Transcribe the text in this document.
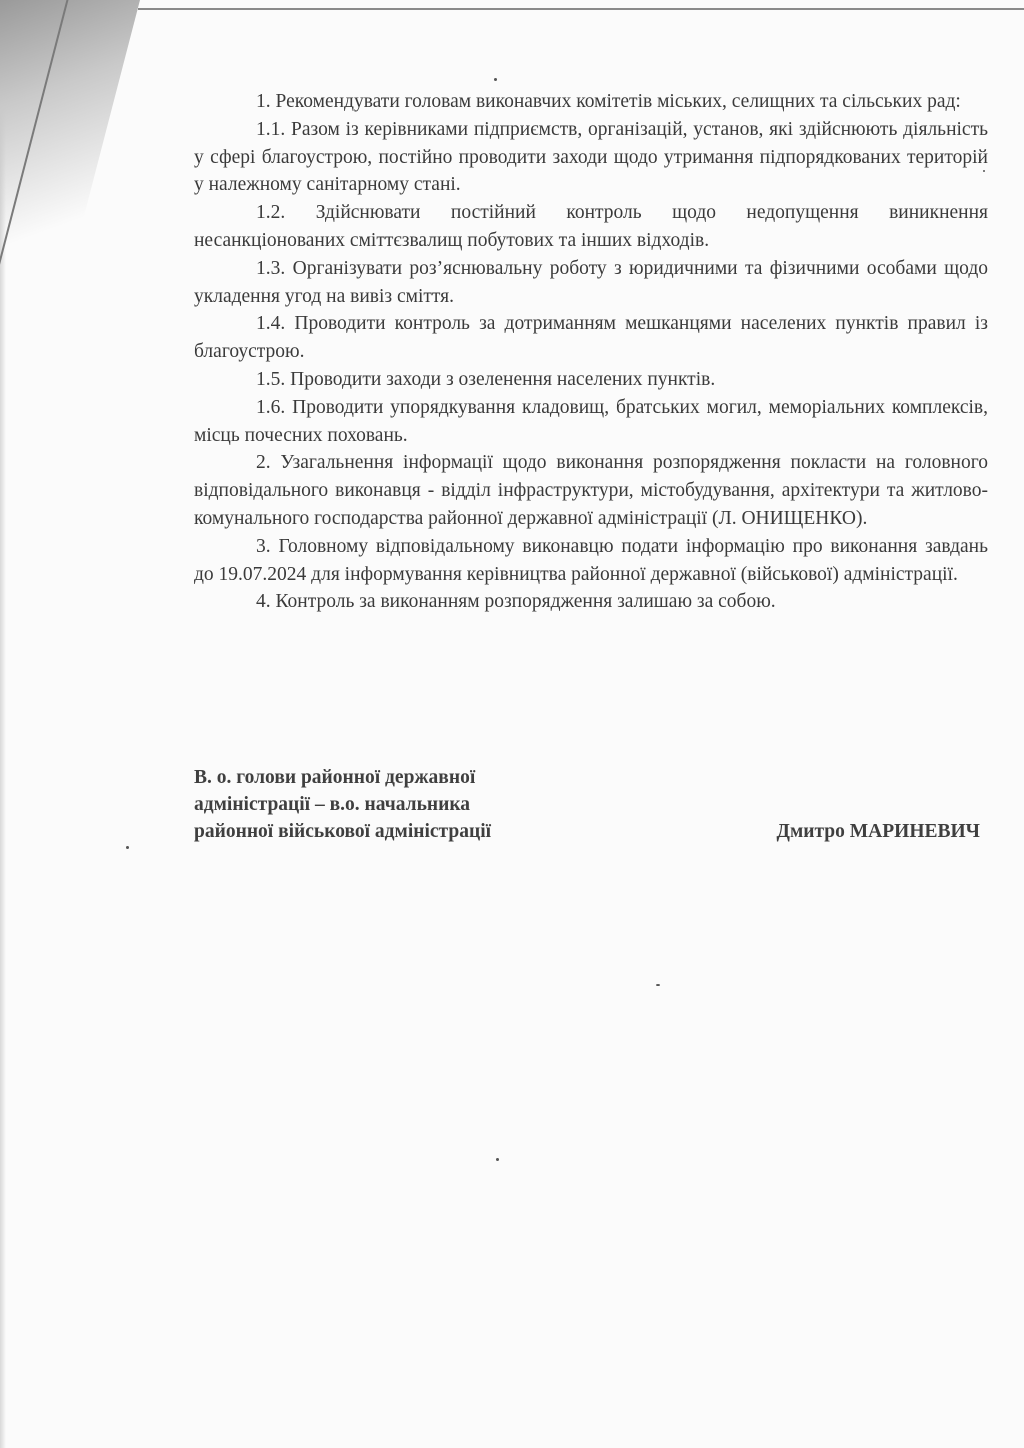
1. Рекомендувати головам виконавчих комітетів міських, селищних та сільських рад:

1.1. Разом із керівниками підприємств, організацій, установ, які здійснюють діяльність у сфері благоустрою, постійно проводити заходи щодо утримання підпорядкованих територій у належному санітарному стані.

1.2. Здійснювати постійний контроль щодо недопущення виникнення несанкціонованих сміттєзвалищ побутових та інших відходів.

1.3. Організувати роз’яснювальну роботу з юридичними та фізичними особами щодо укладення угод на вивіз сміття.

1.4. Проводити контроль за дотриманням мешканцями населених пунктів правил із благоустрою.

1.5. Проводити заходи з озеленення населених пунктів.

1.6. Проводити упорядкування кладовищ, братських могил, меморіальних комплексів, місць почесних поховань.

2. Узагальнення інформації щодо виконання розпорядження покласти на головного відповідального виконавця - відділ інфраструктури, містобудування, архітектури та житлово-комунального господарства районної державної адміністрації (Л. ОНИЩЕНКО).

3. Головному відповідальному виконавцю подати інформацію про виконання завдань до 19.07.2024 для інформування керівництва районної державної (військової) адміністрації.

4. Контроль за виконанням розпорядження залишаю за собою.

В. о. голови районної державної
адміністрації – в.о. начальника
районної військової адміністрації	Дмитро МАРИНЕВИЧ
